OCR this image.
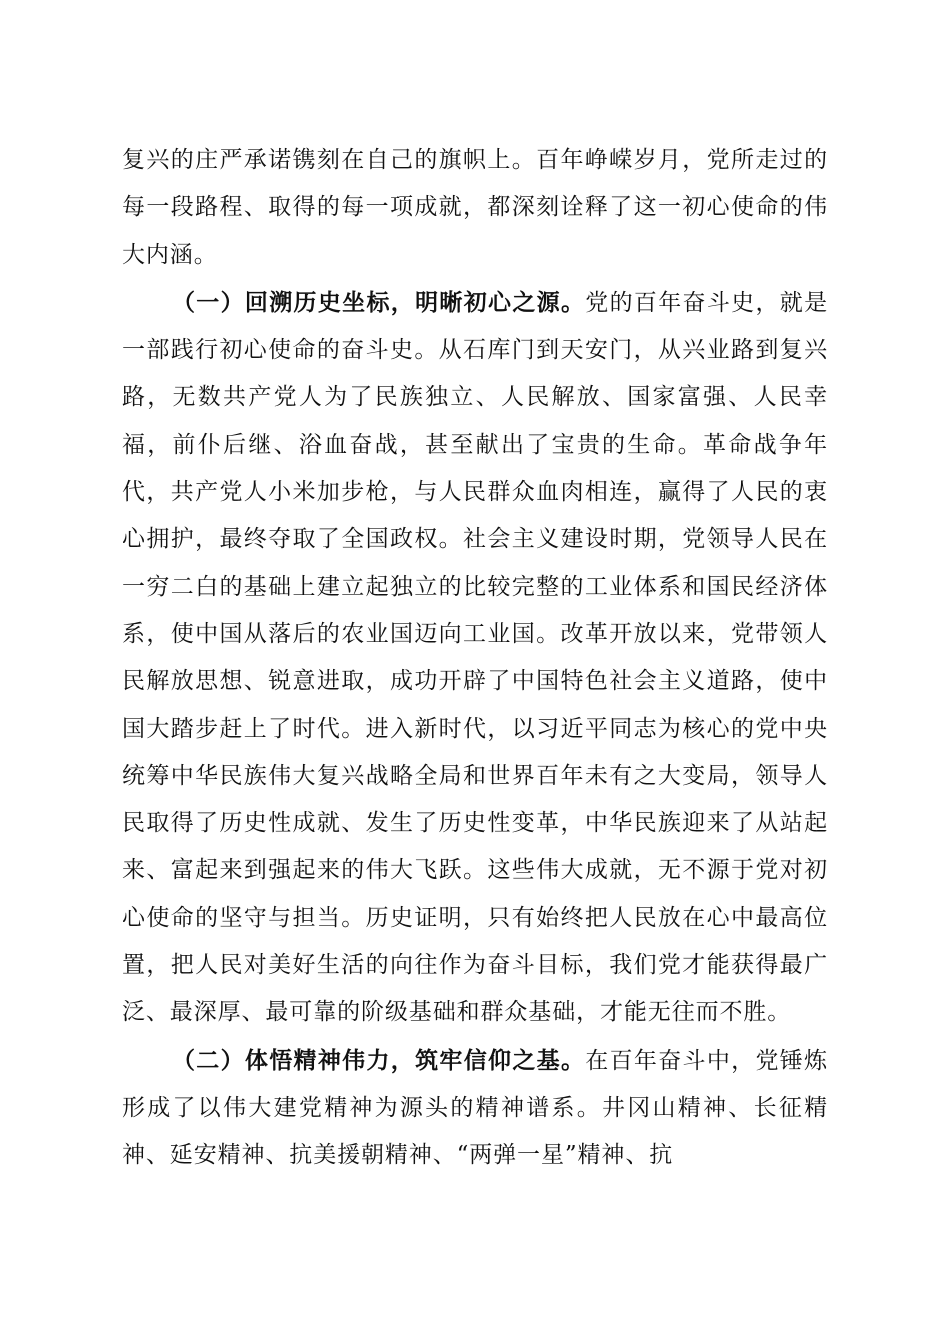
复兴的庄严承诺镌刻在自己的旗帜上。百年峥嵘岁月，党所走过的每一段路程、取得的每一项成就，都深刻诠释了这一初心使命的伟大内涵。

（一）回溯历史坐标，明晰初心之源。党的百年奋斗史，就是一部践行初心使命的奋斗史。从石库门到天安门，从兴业路到复兴路，无数共产党人为了民族独立、人民解放、国家富强、人民幸福，前仆后继、浴血奋战，甚至献出了宝贵的生命。革命战争年代，共产党人小米加步枪，与人民群众血肉相连，赢得了人民的衷心拥护，最终夺取了全国政权。社会主义建设时期，党领导人民在一穷二白的基础上建立起独立的比较完整的工业体系和国民经济体系，使中国从落后的农业国迈向工业国。改革开放以来，党带领人民解放思想、锐意进取，成功开辟了中国特色社会主义道路，使中国大踏步赶上了时代。进入新时代，以习近平同志为核心的党中央统筹中华民族伟大复兴战略全局和世界百年未有之大变局，领导人民取得了历史性成就、发生了历史性变革，中华民族迎来了从站起来、富起来到强起来的伟大飞跃。这些伟大成就，无不源于党对初心使命的坚守与担当。历史证明，只有始终把人民放在心中最高位置，把人民对美好生活的向往作为奋斗目标，我们党才能获得最广泛、最深厚、最可靠的阶级基础和群众基础，才能无往而不胜。

（二）体悟精神伟力，筑牢信仰之基。在百年奋斗中，党锤炼形成了以伟大建党精神为源头的精神谱系。井冈山精神、长征精神、延安精神、抗美援朝精神、“两弹一星”精神、抗
